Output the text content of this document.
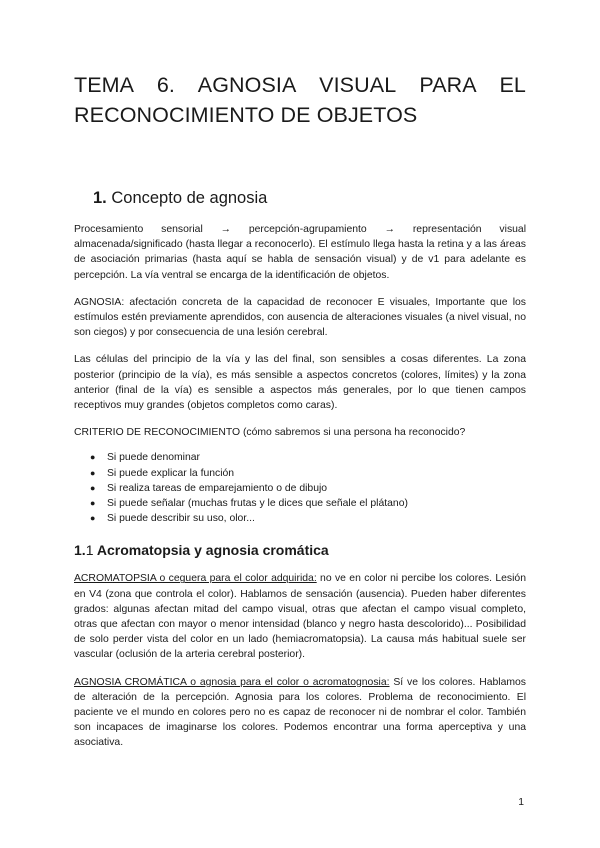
TEMA 6. AGNOSIA VISUAL PARA EL RECONOCIMIENTO DE OBJETOS
1. Concepto de agnosia

Procesamiento sensorial → percepción-agrupamiento → representación visual almacenada/significado (hasta llegar a reconocerlo). El estímulo llega hasta la retina y a las áreas de asociación primarias (hasta aquí se habla de sensación visual) y de v1 para adelante es percepción. La vía ventral se encarga de la identificación de objetos.

AGNOSIA: afectación concreta de la capacidad de reconocer E visuales, Importante que los estímulos estén previamente aprendidos, con ausencia de alteraciones visuales (a nivel visual, no son ciegos) y por consecuencia de una lesión cerebral.

Las células del principio de la vía y las del final, son sensibles a cosas diferentes. La zona posterior (principio de la vía), es más sensible a aspectos concretos (colores, límites) y la zona anterior (final de la vía) es sensible a aspectos más generales, por lo que tienen campos receptivos muy grandes (objetos completos como caras).

CRITERIO DE RECONOCIMIENTO (cómo sabremos si una persona ha reconocido?

● Si puede denominar
● Si puede explicar la función
● Si realiza tareas de emparejamiento o de dibujo
● Si puede señalar (muchas frutas y le dices que señale el plátano)
● Si puede describir su uso, olor...
1.1 Acromatopsia y agnosia cromática

ACROMATOPSIA o ceguera para el color adquirida: no ve en color ni percibe los colores. Lesión en V4 (zona que controla el color). Hablamos de sensación (ausencia). Pueden haber diferentes grados: algunas afectan mitad del campo visual, otras que afectan el campo visual completo, otras que afectan con mayor o menor intensidad (blanco y negro hasta descolorido)... Posibilidad de solo perder vista del color en un lado (hemiacromatopsia). La causa más habitual suele ser vascular (oclusión de la arteria cerebral posterior).

AGNOSIA CROMÁTICA o agnosia para el color o acromatognosia: Sí ve los colores. Hablamos de alteración de la percepción. Agnosia para los colores. Problema de reconocimiento. El paciente ve el mundo en colores pero no es capaz de reconocer ni de nombrar el color. También son incapaces de imaginarse los colores. Podemos encontrar una forma aperceptiva y una asociativa.

1
